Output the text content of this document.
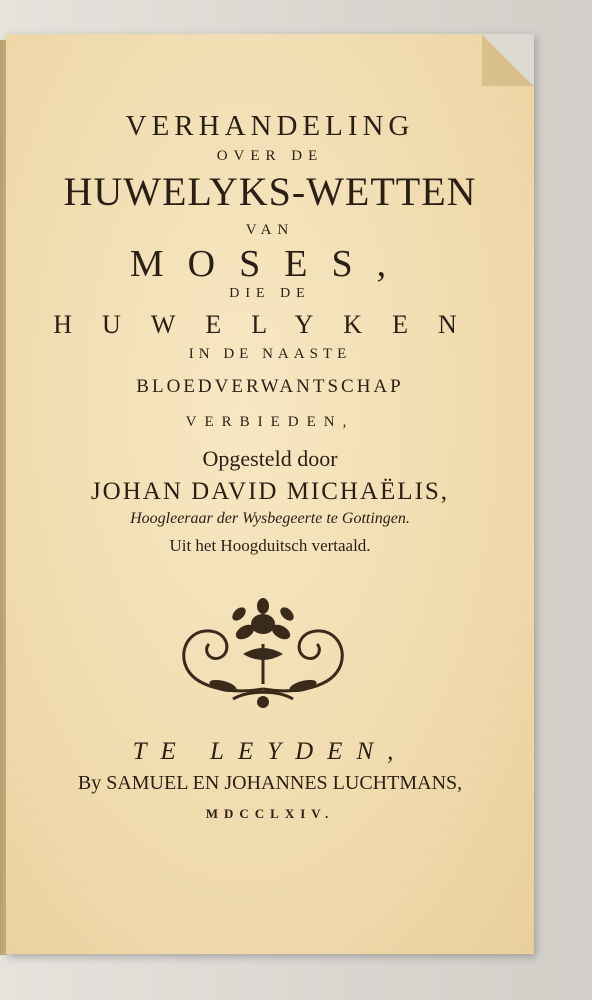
VERHANDELING
OVER DE
HUWELYKS-WETTEN
VAN
MOSES,
DIE DE
HUWELYKEN
IN DE NAASTE
BLOEDVERWANTSCHAP
VERBIEDEN,
Opgesteld door
JOHAN DAVID MICHAËLIS,
Hoogleeraar der Wysbegeerte te Gottingen.
Uit het Hoogduitsch vertaald.
TE LEYDEN,
By SAMUEL EN JOHANNES LUCHTMANS,
MDCCLXIV.
